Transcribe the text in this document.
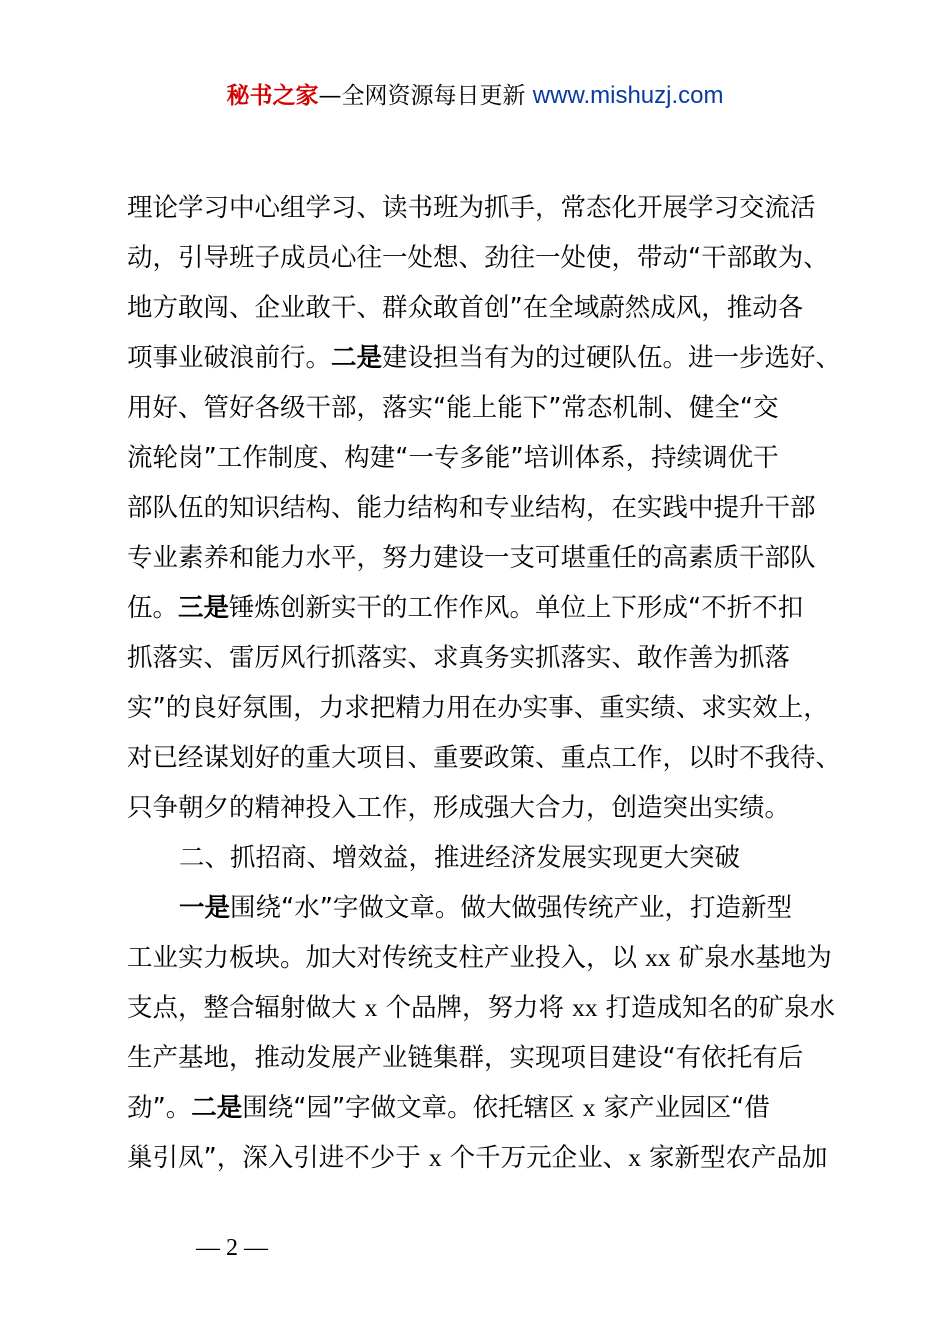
秘书之家—全网资源每日更新 www.mishuzj.com
理论学习中心组学习、读书班为抓手，常态化开展学习交流活
动，引导班子成员心往一处想、劲往一处使，带动“干部敢为、
地方敢闯、企业敢干、群众敢首创”在全域蔚然成风，推动各
项事业破浪前行。二是建设担当有为的过硬队伍。进一步选好、
用好、管好各级干部，落实“能上能下”常态机制、健全“交
流轮岗”工作制度、构建“一专多能”培训体系，持续调优干
部队伍的知识结构、能力结构和专业结构，在实践中提升干部
专业素养和能力水平，努力建设一支可堪重任的高素质干部队
伍。三是锤炼创新实干的工作作风。单位上下形成“不折不扣
抓落实、雷厉风行抓落实、求真务实抓落实、敢作善为抓落
实”的良好氛围，力求把精力用在办实事、重实绩、求实效上，
对已经谋划好的重大项目、重要政策、重点工作，以时不我待、
只争朝夕的精神投入工作，形成强大合力，创造突出实绩。
二、抓招商、增效益，推进经济发展实现更大突破
一是围绕“水”字做文章。做大做强传统产业，打造新型
工业实力板块。加大对传统支柱产业投入，以 xx 矿泉水基地为
支点，整合辐射做大 x 个品牌，努力将 xx 打造成知名的矿泉水
生产基地，推动发展产业链集群，实现项目建设“有依托有后
劲”。二是围绕“园”字做文章。依托辖区 x 家产业园区“借
巢引凤”，深入引进不少于 x 个千万元企业、x 家新型农产品加
— 2 —
